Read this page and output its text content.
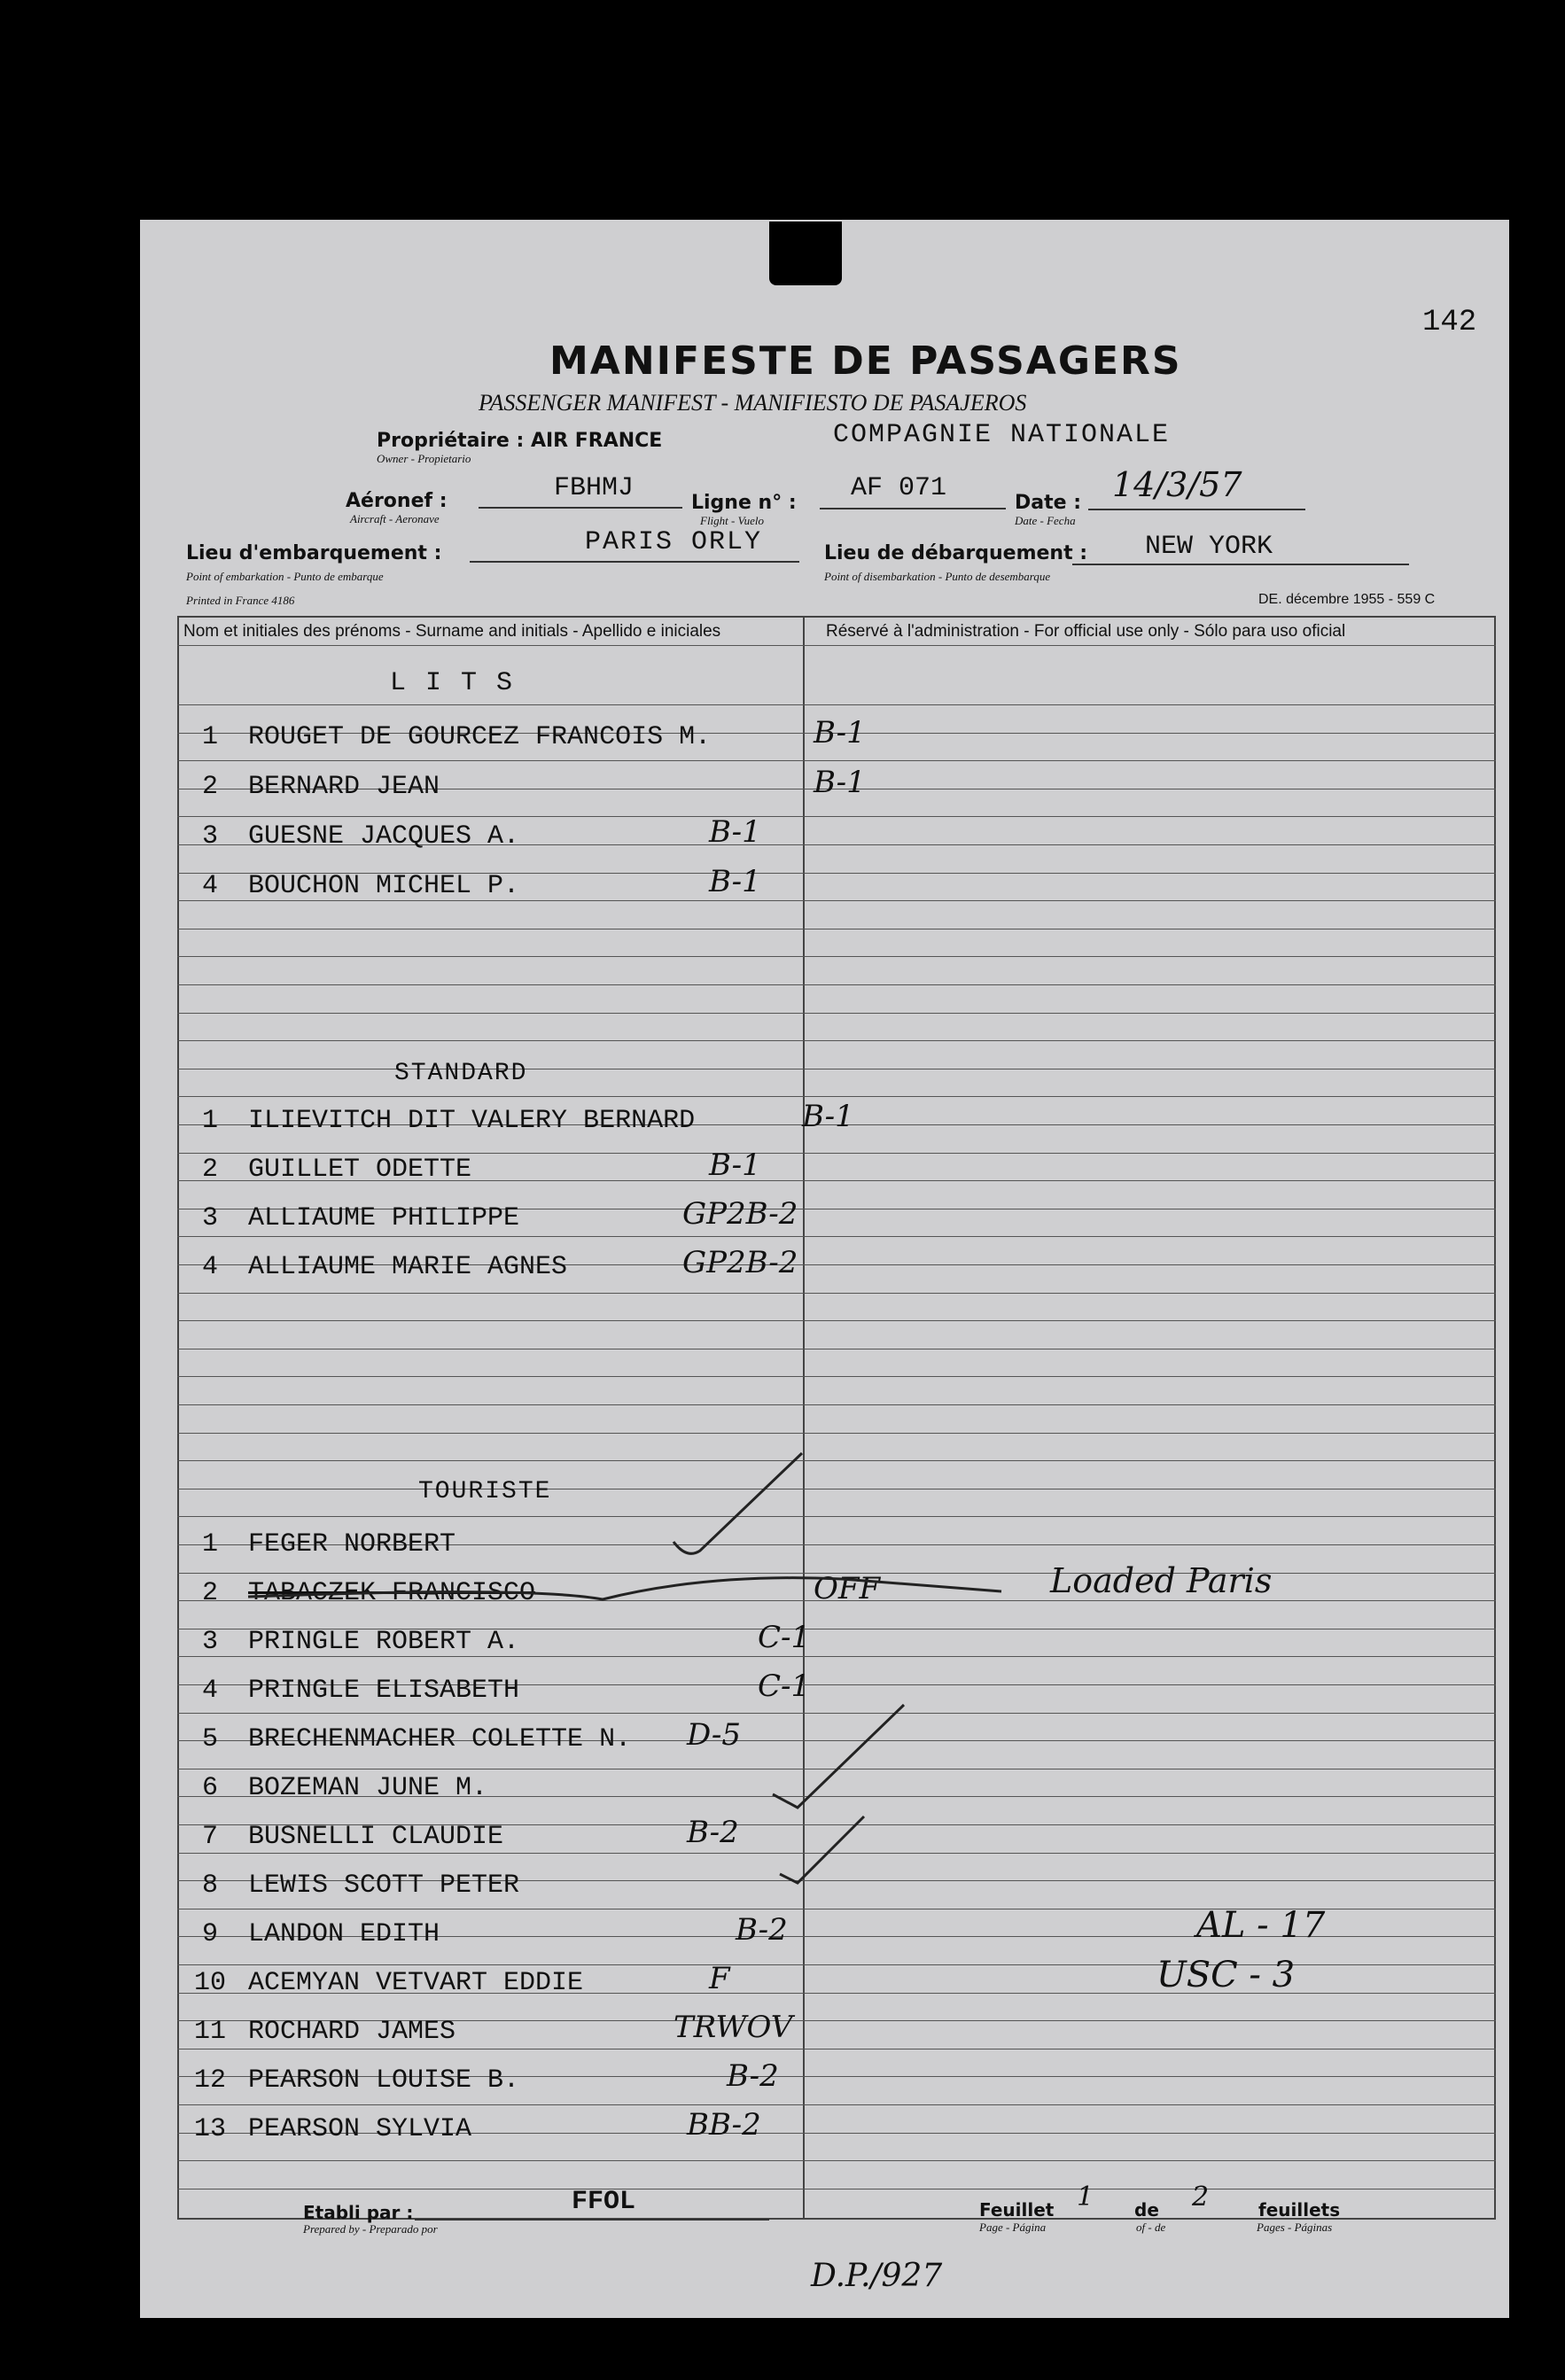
142
MANIFESTE DE PASSAGERS
PASSENGER MANIFEST - MANIFIESTO DE PASAJEROS
Propriétaire : AIR FRANCE
Owner - Propietario
COMPAGNIE NATIONALE
Aéronef :
Aircraft - Aeronave
FBHMJ	Ligne n° :
Flight - Vuelo
AF 071	Date :
Date - Fecha
14/3/57
Lieu d'embarquement :
Point of embarkation - Punto de embarque
PARIS ORLY	Lieu de débarquement :
Point of disembarkation - Punto de desembarque
NEW YORK
Printed in France 4186	DE. décembre 1955 - 559 C
Nom et initiales des prénoms - Surname and initials - Apellido e iniciales	Réservé à l'administration - For official use only - Sólo para uso oficial
L I T S
STANDARD
TOURISTE
1	ROUGET DE GOURCEZ FRANCOIS M.	B-1
2	BERNARD JEAN	B-1
3	GUESNE JACQUES A.	B-1
4	BOUCHON MICHEL P.	B-1
1	ILIEVITCH DIT VALERY BERNARD	B-1
2	GUILLET ODETTE	B-1
3	ALLIAUME PHILIPPE	GP2B-2
4	ALLIAUME MARIE AGNES	GP2B-2
1	FEGER NORBERT
2	TABACZEK FRANCISCO	OFF
3	PRINGLE ROBERT A.	C-1
4	PRINGLE ELISABETH	C-1
5	BRECHENMACHER COLETTE N. D-5
6	BOZEMAN JUNE M.
7	BUSNELLI CLAUDIE	B-2
8	LEWIS SCOTT PETER
9	LANDON EDITH	B-2
10 ACEMYAN VETVART EDDIE	F
11 ROCHARD JAMES	TRWOV
12 PEARSON LOUISE B.	B-2
13 PEARSON SYLVIA	BB-2
Loaded Paris
AL - 17
USC - 3
Etabli par :
Prepared by - Preparado por
FFOL	Feuillet 1 de 2	feuillets
Page - Página	of - de	Pages - Páginas
D.P./927
